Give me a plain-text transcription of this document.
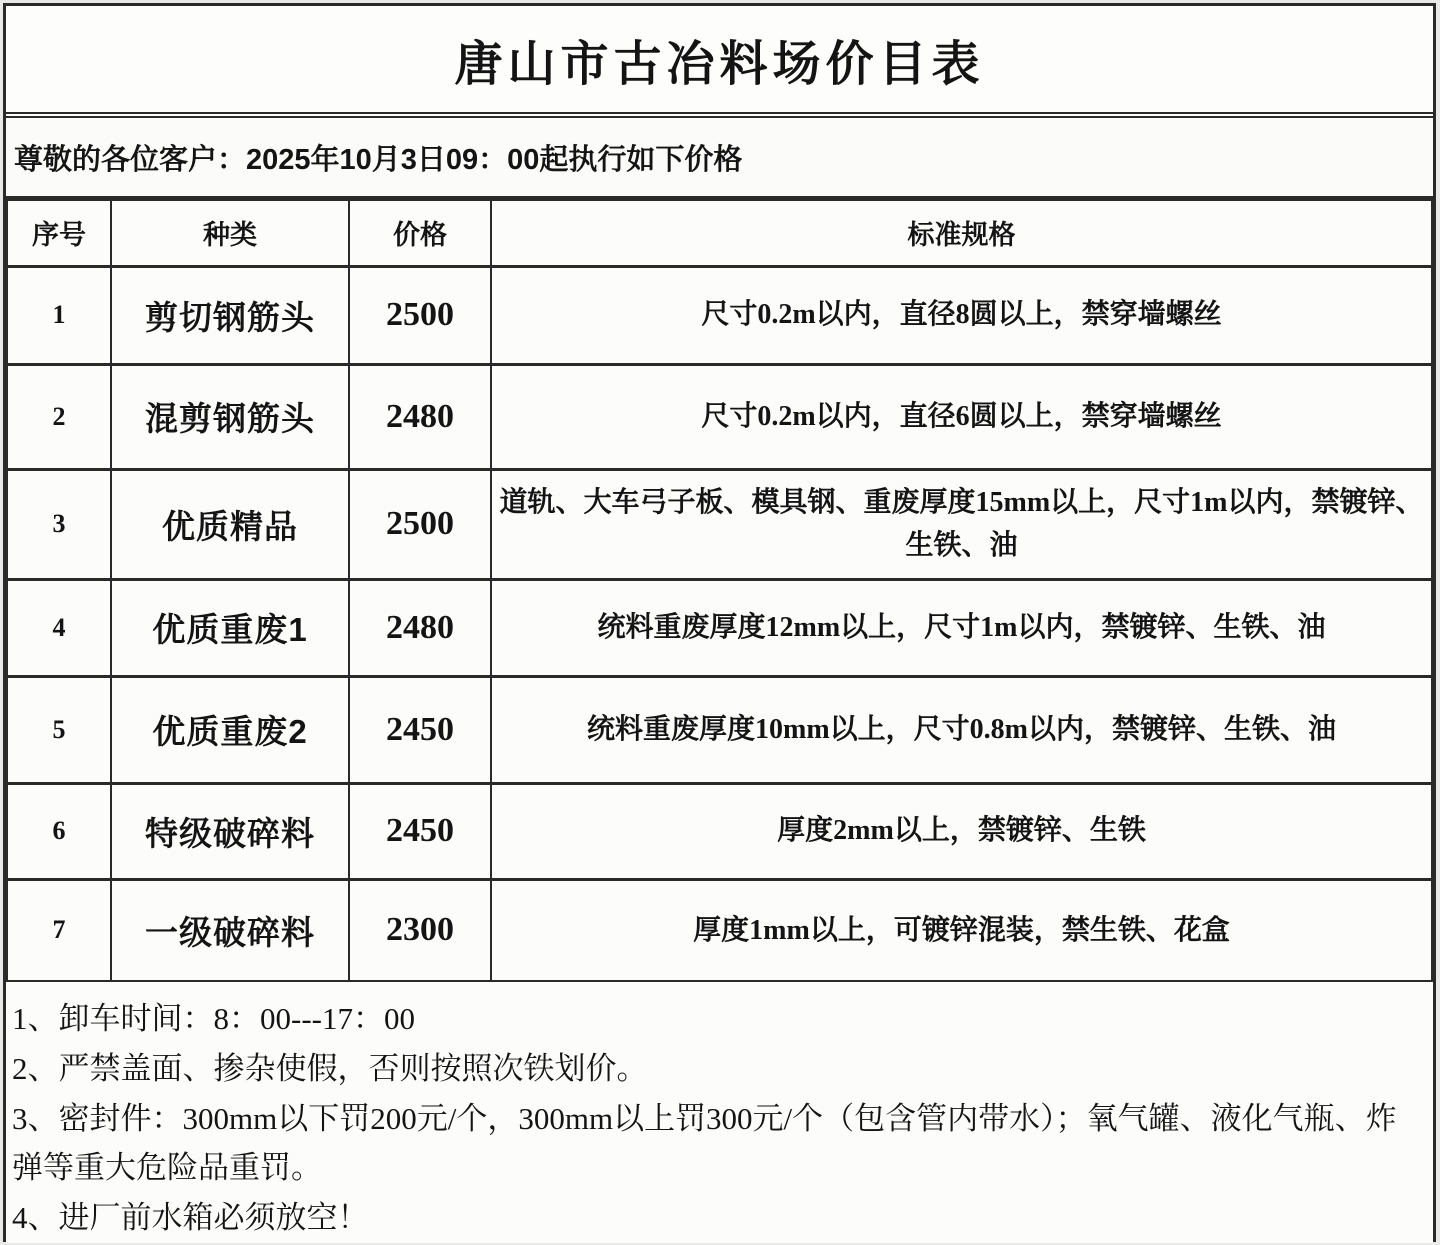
唐山市古冶料场价目表
尊敬的各位客户：2025年10月3日09：00起执行如下价格
序号	种类	价格	标准规格
1	剪切钢筋头	2500	尺寸0.2m以内，直径8圆以上，禁穿墙螺丝
2	混剪钢筋头	2480	尺寸0.2m以内，直径6圆以上，禁穿墙螺丝
3	优质精品	2500	道轨、大车弓子板、模具钢、重废厚度15mm以上，尺寸1m以内，禁镀锌、生铁、油
4	优质重废1	2480	统料重废厚度12mm以上，尺寸1m以内，禁镀锌、生铁、油
5	优质重废2	2450	统料重废厚度10mm以上，尺寸0.8m以内，禁镀锌、生铁、油
6	特级破碎料	2450	厚度2mm以上，禁镀锌、生铁
7	一级破碎料	2300	厚度1mm以上，可镀锌混装，禁生铁、花盒

1、卸车时间：8：00---17：00

2、严禁盖面、掺杂使假，否则按照次铁划价。

3、密封件：300mm以下罚200元/个，300mm以上罚300元/个（包含管内带水）；氧气罐、液化气瓶、炸弹等重大危险品重罚。

4、进厂前水箱必须放空！
